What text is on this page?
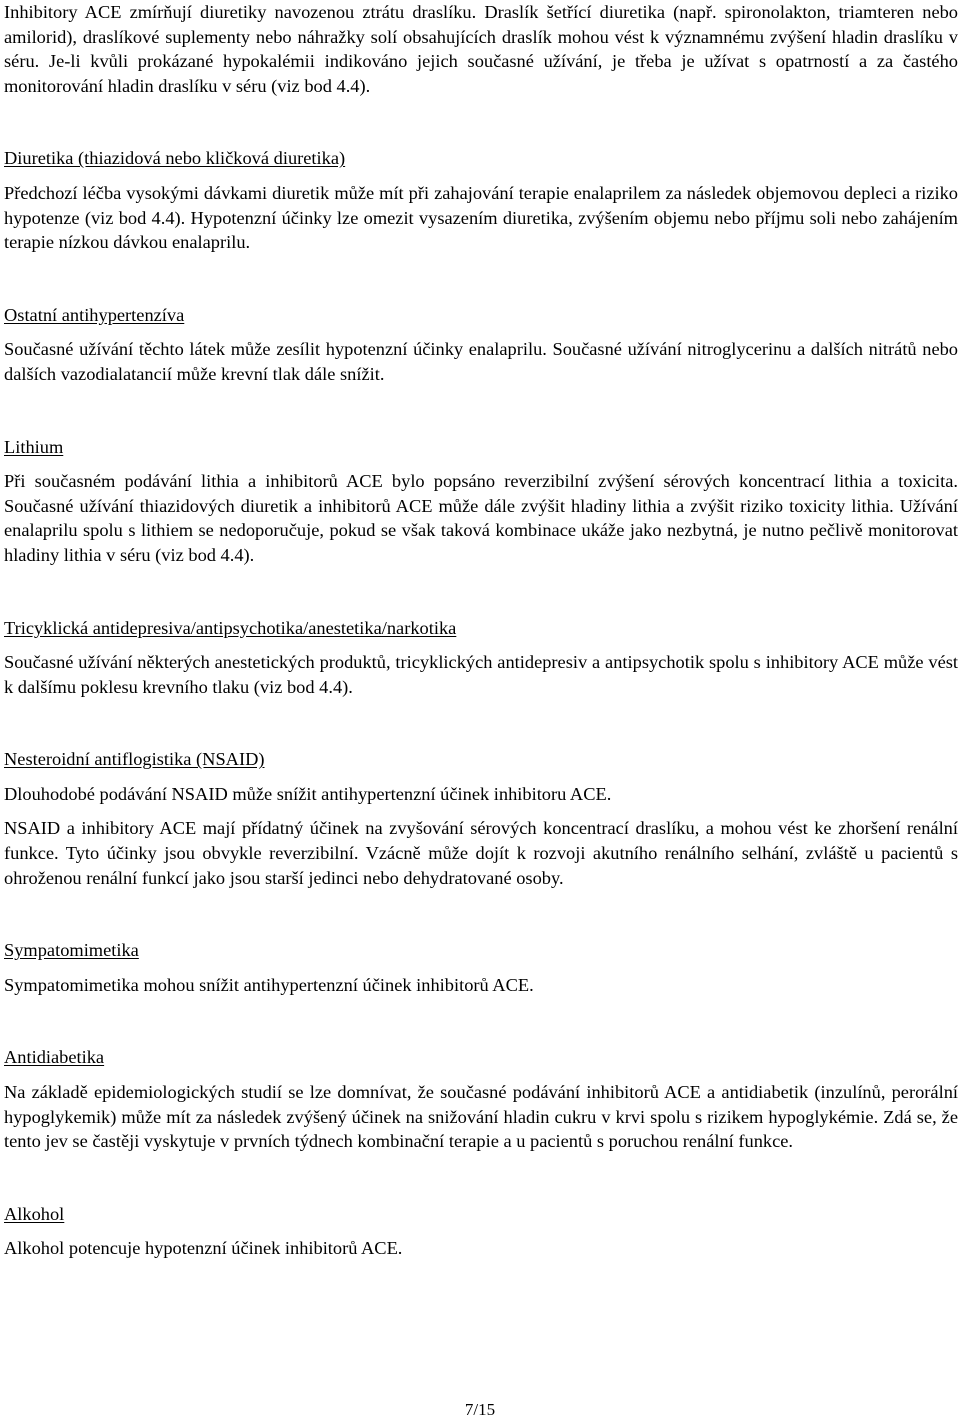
Inhibitory ACE zmírňují diuretiky navozenou ztrátu draslíku. Draslík šetřící diuretika (např. spironolakton, triamteren nebo amilorid), draslíkové suplementy nebo náhražky solí obsahujících draslík mohou vést k významnému zvýšení hladin draslíku v séru. Je-li kvůli prokázané hypokalémii indikováno jejich současné užívání, je třeba je užívat s opatrností a za častého monitorování hladin draslíku v séru (viz bod 4.4).

Diuretika (thiazidová nebo kličková diuretika)

Předchozí léčba vysokými dávkami diuretik může mít při zahajování terapie enalaprilem za následek objemovou depleci a riziko hypotenze (viz bod 4.4). Hypotenzní účinky lze omezit vysazením diuretika, zvýšením objemu nebo příjmu soli nebo zahájením terapie nízkou dávkou enalaprilu.

Ostatní antihypertenzíva

Současné užívání těchto látek může zesílit hypotenzní účinky enalaprilu. Současné užívání nitroglycerinu a dalších nitrátů nebo dalších vazodialatancií může krevní tlak dále snížit.

Lithium

Při současném podávání lithia a inhibitorů ACE bylo popsáno reverzibilní zvýšení sérových koncentrací lithia a toxicita. Současné užívání thiazidových diuretik a inhibitorů ACE může dále zvýšit hladiny lithia a zvýšit riziko toxicity lithia. Užívání enalaprilu spolu s lithiem se nedoporučuje, pokud se však taková kombinace ukáže jako nezbytná, je nutno pečlivě monitorovat hladiny lithia v séru (viz bod 4.4).

Tricyklická antidepresiva/antipsychotika/anestetika/narkotika

Současné užívání některých anestetických produktů, tricyklických antidepresiv a antipsychotik spolu s inhibitory ACE může vést k dalšímu poklesu krevního tlaku (viz bod 4.4).

Nesteroidní antiflogistika (NSAID)

Dlouhodobé podávání NSAID může snížit antihypertenzní účinek inhibitoru ACE.

NSAID a inhibitory ACE mají přídatný účinek na zvyšování sérových koncentrací draslíku, a mohou vést ke zhoršení renální funkce. Tyto účinky jsou obvykle reverzibilní. Vzácně může dojít k rozvoji akutního renálního selhání, zvláště u pacientů s ohroženou renální funkcí jako jsou starší jedinci nebo dehydratované osoby.

Sympatomimetika

Sympatomimetika mohou snížit antihypertenzní účinek inhibitorů ACE.

Antidiabetika

Na základě epidemiologických studií se lze domnívat, že současné podávání inhibitorů ACE a antidiabetik (inzulínů, perorální hypoglykemik) může mít za následek zvýšený účinek na snižování hladin cukru v krvi spolu s rizikem hypoglykémie. Zdá se, že tento jev se častěji vyskytuje v prvních týdnech kombinační terapie a u pacientů s poruchou renální funkce.

Alkohol

Alkohol potencuje hypotenzní účinek inhibitorů ACE.

7/15
